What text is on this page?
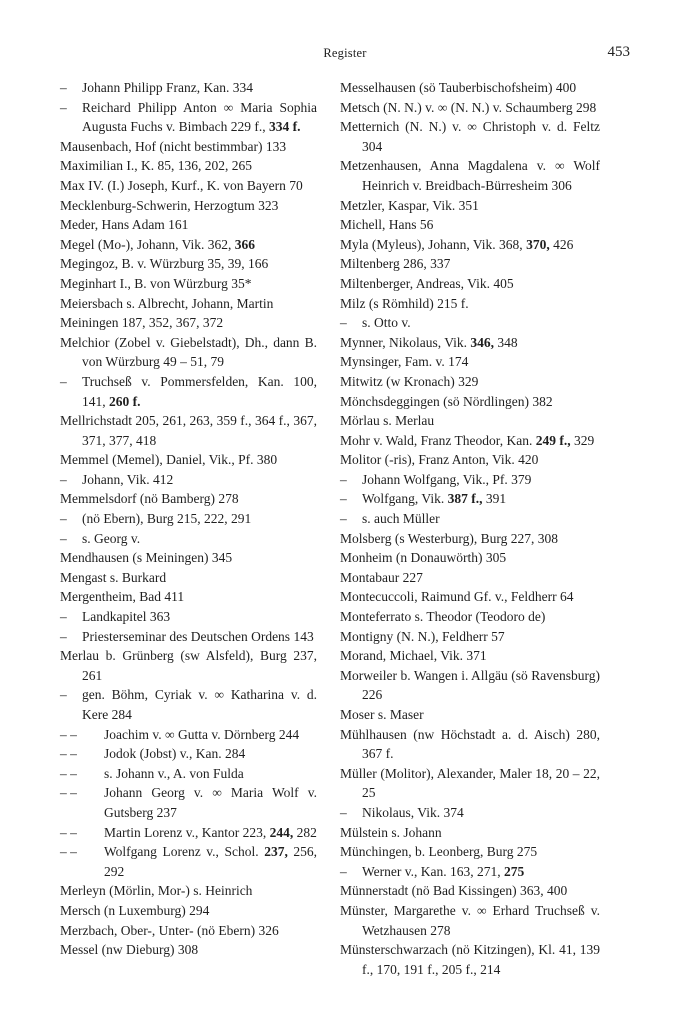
Register	453
– Johann Philipp Franz, Kan. 334
– Reichard Philipp Anton ∞ Maria Sophia Augusta Fuchs v. Bimbach 229 f., 334 f.
Mausenbach, Hof (nicht bestimmbar) 133
Maximilian I., K. 85, 136, 202, 265
Max IV. (I.) Joseph, Kurf., K. von Bayern 70
Mecklenburg-Schwerin, Herzogtum 323
Meder, Hans Adam 161
Megel (Mo-), Johann, Vik. 362, 366
Megingoz, B. v. Würzburg 35, 39, 166
Meginhart I., B. von Würzburg 35*
Meiersbach s. Albrecht, Johann, Martin
Meiningen 187, 352, 367, 372
Melchior (Zobel v. Giebelstadt), Dh., dann B. von Würzburg 49 – 51, 79
– Truchseß v. Pommersfelden, Kan. 100, 141, 260 f.
Mellrichstadt 205, 261, 263, 359 f., 364 f., 367, 371, 377, 418
Memmel (Memel), Daniel, Vik., Pf. 380
– Johann, Vik. 412
Memmelsdorf (nö Bamberg) 278
– (nö Ebern), Burg 215, 222, 291
– s. Georg v.
Mendhausen (s Meiningen) 345
Mengast s. Burkard
Mergentheim, Bad 411
– Landkapitel 363
– Priesterseminar des Deutschen Ordens 143
Merlau b. Grünberg (sw Alsfeld), Burg 237, 261
– gen. Böhm, Cyriak v. ∞ Katharina v. d. Kere 284
– – Joachim v. ∞ Gutta v. Dörnberg 244
– – Jodok (Jobst) v., Kan. 284
– – s. Johann v., A. von Fulda
– – Johann Georg v. ∞ Maria Wolf v. Gutsberg 237
– – Martin Lorenz v., Kantor 223, 244, 282
– – Wolfgang Lorenz v., Schol. 237, 256, 292
Merleyn (Mörlin, Mor-) s. Heinrich
Mersch (n Luxemburg) 294
Merzbach, Ober-, Unter- (nö Ebern) 326
Messel (nw Dieburg) 308
Messelhausen (sö Tauberbischofsheim) 400
Metsch (N. N.) v. ∞ (N. N.) v. Schaumberg 298
Metternich (N. N.) v. ∞ Christoph v. d. Feltz 304
Metzenhausen, Anna Magdalena v. ∞ Wolf Heinrich v. Breidbach-Bürresheim 306
Metzler, Kaspar, Vik. 351
Michell, Hans 56
Myla (Myleus), Johann, Vik. 368, 370, 426
Miltenberg 286, 337
Miltenberger, Andreas, Vik. 405
Milz (s Römhild) 215 f.
– s. Otto v.
Mynner, Nikolaus, Vik. 346, 348
Mynsinger, Fam. v. 174
Mitwitz (w Kronach) 329
Mönchsdeggingen (sö Nördlingen) 382
Mörlau s. Merlau
Mohr v. Wald, Franz Theodor, Kan. 249 f., 329
Molitor (-ris), Franz Anton, Vik. 420
– Johann Wolfgang, Vik., Pf. 379
– Wolfgang, Vik. 387 f., 391
– s. auch Müller
Molsberg (s Westerburg), Burg 227, 308
Monheim (n Donauwörth) 305
Montabaur 227
Montecuccoli, Raimund Gf. v., Feldherr 64
Monteferrato s. Theodor (Teodoro de)
Montigny (N. N.), Feldherr 57
Morand, Michael, Vik. 371
Morweiler b. Wangen i. Allgäu (sö Ravensburg) 226
Moser s. Maser
Mühlhausen (nw Höchstadt a. d. Aisch) 280, 367 f.
Müller (Molitor), Alexander, Maler 18, 20 – 22, 25
– Nikolaus, Vik. 374
Mülstein s. Johann
Münchingen, b. Leonberg, Burg 275
– Werner v., Kan. 163, 271, 275
Münnerstadt (nö Bad Kissingen) 363, 400
Münster, Margarethe v. ∞ Erhard Truchseß v. Wetzhausen 278
Münsterschwarzach (nö Kitzingen), Kl. 41, 139 f., 170, 191 f., 205 f., 214
